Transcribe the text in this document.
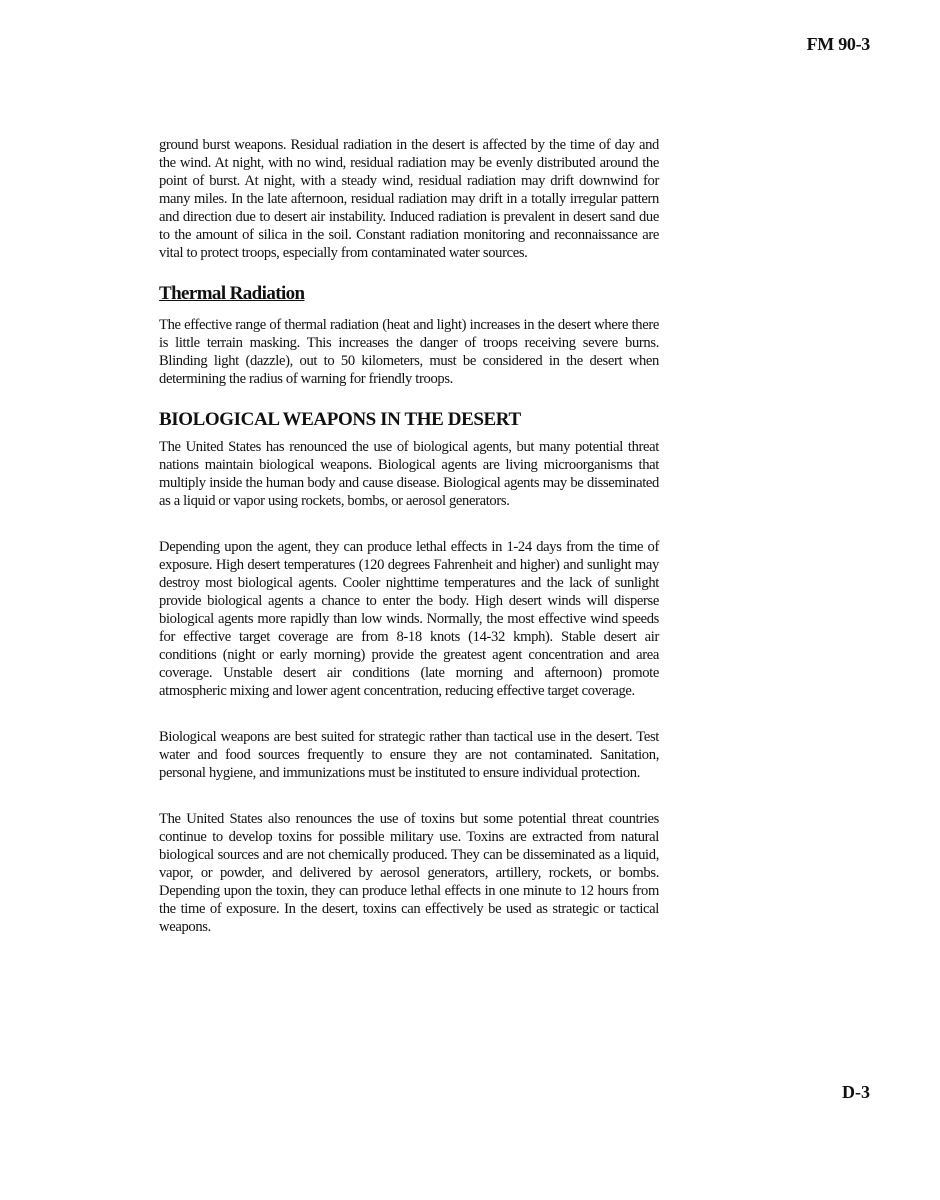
FM 90-3

ground burst weapons. Residual radiation in the desert is affected by the time of day and the wind. At night, with no wind, residual radiation may be evenly distributed around the point of burst. At night, with a steady wind, residual radiation may drift downwind for many miles. In the late afternoon, residual radiation may drift in a totally irregular pattern and direction due to desert air instability. Induced radiation is prevalent in desert sand due to the amount of silica in the soil. Constant radiation monitoring and reconnaissance are vital to protect troops, especially from contaminated water sources.

Thermal Radiation

The effective range of thermal radiation (heat and light) increases in the desert where there is little terrain masking. This increases the danger of troops receiving severe burns. Blinding light (dazzle), out to 50 kilometers, must be considered in the desert when determining the radius of warning for friendly troops.

BIOLOGICAL WEAPONS IN THE DESERT

The United States has renounced the use of biological agents, but many potential threat nations maintain biological weapons. Biological agents are living microorganisms that multiply inside the human body and cause disease. Biological agents may be disseminated as a liquid or vapor using rockets, bombs, or aerosol generators.

Depending upon the agent, they can produce lethal effects in 1-24 days from the time of exposure. High desert temperatures (120 degrees Fahrenheit and higher) and sunlight may destroy most biological agents. Cooler nighttime temperatures and the lack of sunlight provide biological agents a chance to enter the body. High desert winds will disperse biological agents more rapidly than low winds. Normally, the most effective wind speeds for effective target coverage are from 8-18 knots (14-32 kmph). Stable desert air conditions (night or early morning) provide the greatest agent concentration and area coverage. Unstable desert air conditions (late morning and afternoon) promote atmospheric mixing and lower agent concentration, reducing effective target coverage.

Biological weapons are best suited for strategic rather than tactical use in the desert. Test water and food sources frequently to ensure they are not contaminated. Sanitation, personal hygiene, and immunizations must be instituted to ensure individual protection.

The United States also renounces the use of toxins but some potential threat countries continue to develop toxins for possible military use. Toxins are extracted from natural biological sources and are not chemically produced. They can be disseminated as a liquid, vapor, or powder, and delivered by aerosol generators, artillery, rockets, or bombs. Depending upon the toxin, they can produce lethal effects in one minute to 12 hours from the time of exposure. In the desert, toxins can effectively be used as strategic or tactical weapons.

D-3
